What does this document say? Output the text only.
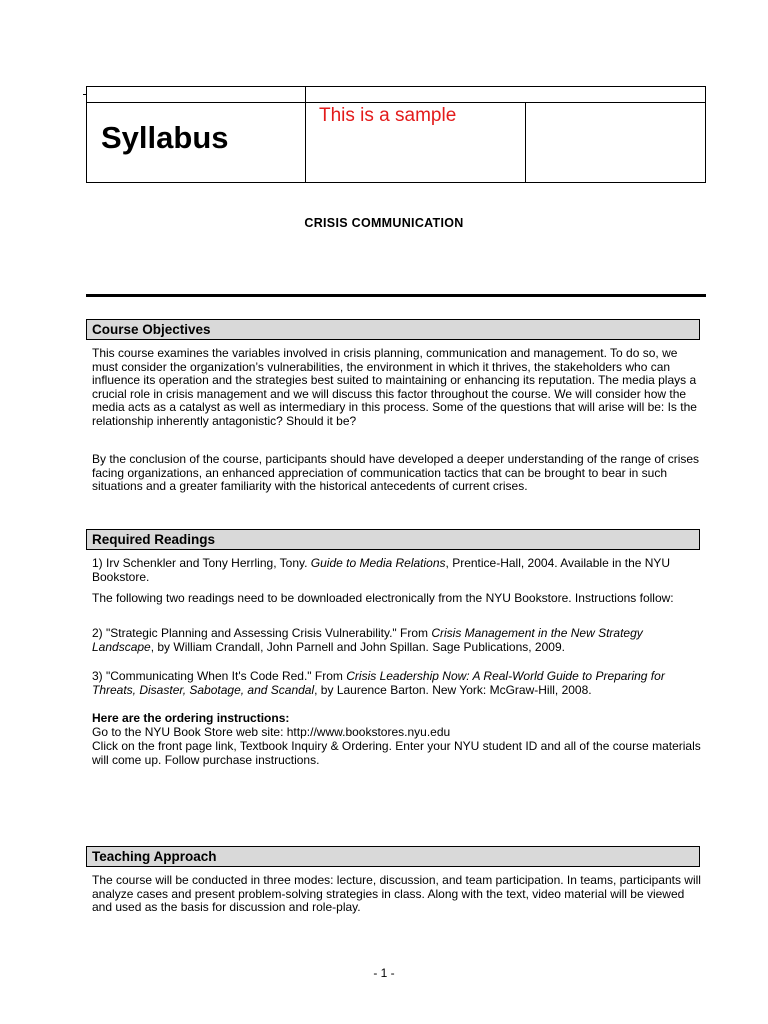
Syllabus
This is a sample
CRISIS COMMUNICATION
Course Objectives

This course examines the variables involved in crisis planning, communication and management. To do so, we must consider the organization’s vulnerabilities, the environment in which it thrives, the stakeholders who can influence its operation and the strategies best suited to maintaining or enhancing its reputation. The media plays a crucial role in crisis management and we will discuss this factor throughout the course. We will consider how the media acts as a catalyst as well as intermediary in this process. Some of the questions that will arise will be: Is the relationship inherently antagonistic? Should it be?

By the conclusion of the course, participants should have developed a deeper understanding of the range of crises facing organizations, an enhanced appreciation of communication tactics that can be brought to bear in such situations and a greater familiarity with the historical antecedents of current crises.

Required Readings

1) Irv Schenkler and Tony Herrling, Tony. Guide to Media Relations, Prentice-Hall, 2004. Available in the NYU Bookstore.

The following two readings need to be downloaded electronically from the NYU Bookstore. Instructions follow:

2) "Strategic Planning and Assessing Crisis Vulnerability." From Crisis Management in the New Strategy Landscape, by William Crandall, John Parnell and John Spillan. Sage Publications, 2009.

3) "Communicating When It's Code Red." From Crisis Leadership Now: A Real-World Guide to Preparing for Threats, Disaster, Sabotage, and Scandal, by Laurence Barton. New York: McGraw-Hill, 2008.

Here are the ordering instructions:

Go to the NYU Book Store web site: http://www.bookstores.nyu.edu

Click on the front page link, Textbook Inquiry & Ordering. Enter your NYU student ID and all of the course materials will come up. Follow purchase instructions.

Teaching Approach

The course will be conducted in three modes: lecture, discussion, and team participation. In teams, participants will analyze cases and present problem-solving strategies in class. Along with the text, video material will be viewed and used as the basis for discussion and role-play.

- 1 -
